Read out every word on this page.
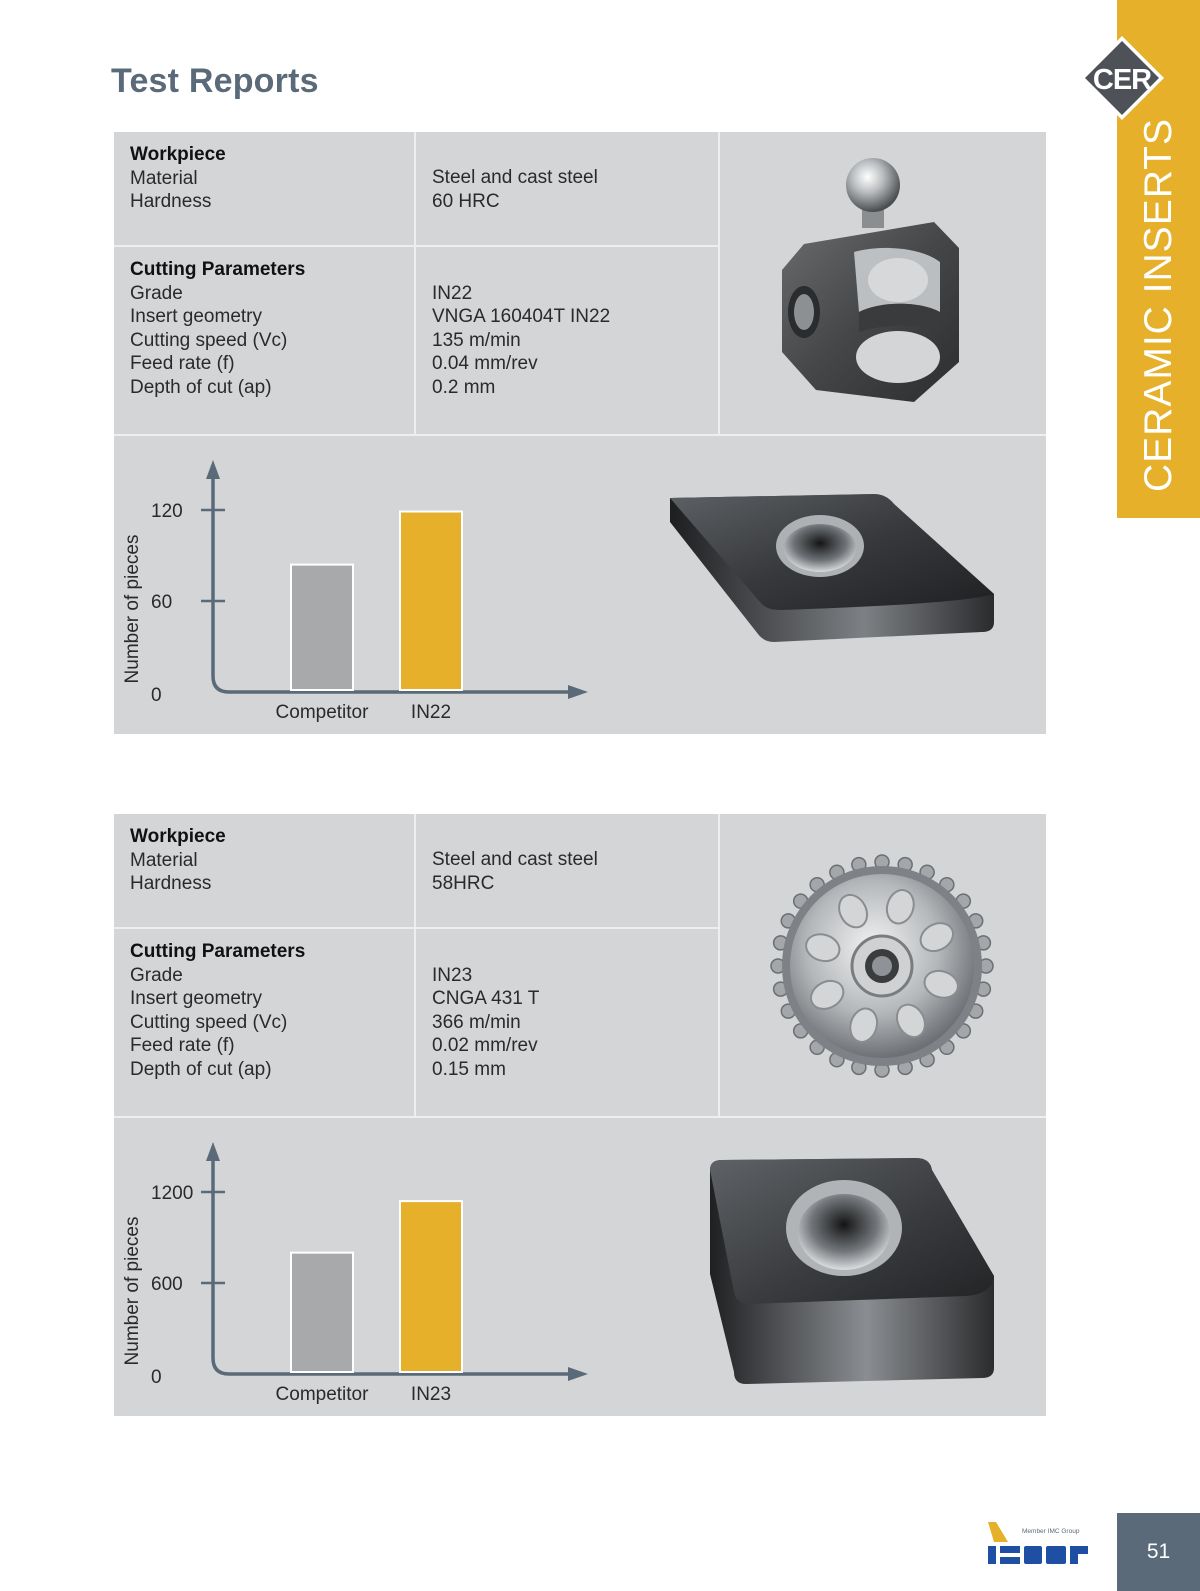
Test Reports
CERAMIC INSERTS
CER
Workpiece
Material
Hardness
Steel and cast steel
60 HRC
Cutting Parameters
Grade
Insert geometry
Cutting speed (Vc)
Feed rate (f)
Depth of cut (ap)
IN22
VNGA 160404T IN22
135 m/min
0.04 mm/rev
0.2 mm
Number of pieces
0
60
120
Competitor IN22
Workpiece
Material
Hardness
Steel and cast steel
58HRC
Cutting Parameters
Grade
Insert geometry
Cutting speed (Vc)
Feed rate (f)
Depth of cut (ap)
IN23
CNGA 431 T
366 m/min
0.02 mm/rev
0.15 mm
Number of pieces
0
600
1200
Competitor IN23
Member IMC Group
51
